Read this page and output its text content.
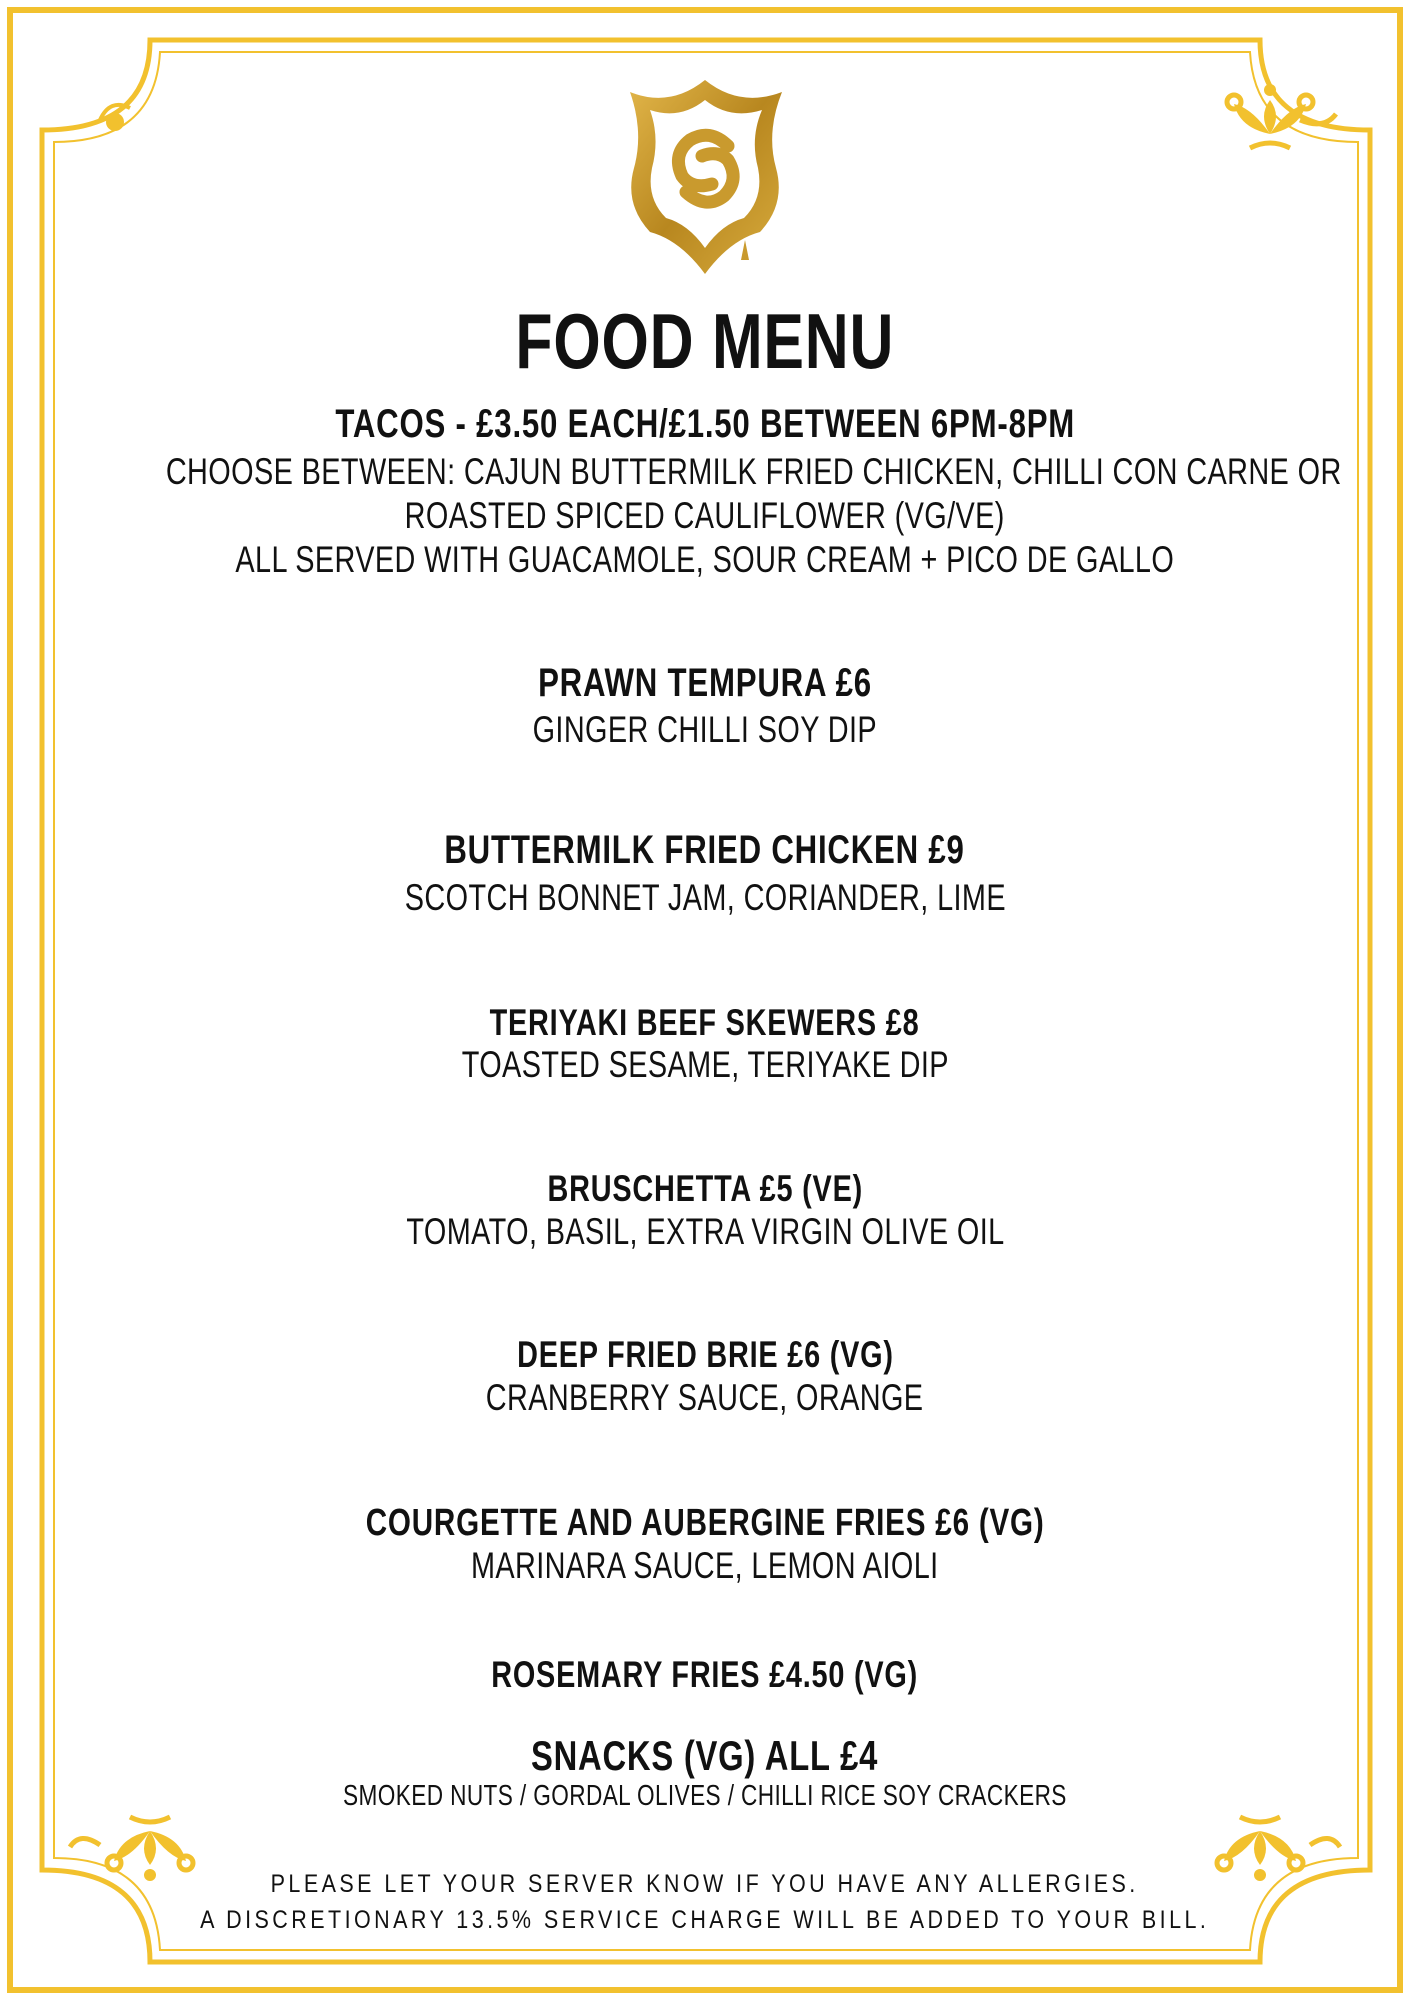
FOOD MENU
TACOS - £3.50 EACH/£1.50 BETWEEN 6PM-8PM
CHOOSE BETWEEN: CAJUN BUTTERMILK FRIED CHICKEN, CHILLI CON CARNE OR
ROASTED SPICED CAULIFLOWER (VG/VE)
ALL SERVED WITH GUACAMOLE, SOUR CREAM + PICO DE GALLO
PRAWN TEMPURA £6
GINGER CHILLI SOY DIP
BUTTERMILK FRIED CHICKEN £9
SCOTCH BONNET JAM, CORIANDER, LIME
TERIYAKI BEEF SKEWERS £8
TOASTED SESAME, TERIYAKE DIP
BRUSCHETTA £5 (VE)
TOMATO, BASIL, EXTRA VIRGIN OLIVE OIL
DEEP FRIED BRIE £6 (VG)
CRANBERRY SAUCE, ORANGE
COURGETTE AND AUBERGINE FRIES £6 (VG)
MARINARA SAUCE, LEMON AIOLI
ROSEMARY FRIES £4.50 (VG)
SNACKS (VG) ALL £4
SMOKED NUTS / GORDAL OLIVES / CHILLI RICE SOY CRACKERS
PLEASE LET YOUR SERVER KNOW IF YOU HAVE ANY ALLERGIES.
A DISCRETIONARY 13.5% SERVICE CHARGE WILL BE ADDED TO YOUR BILL.
